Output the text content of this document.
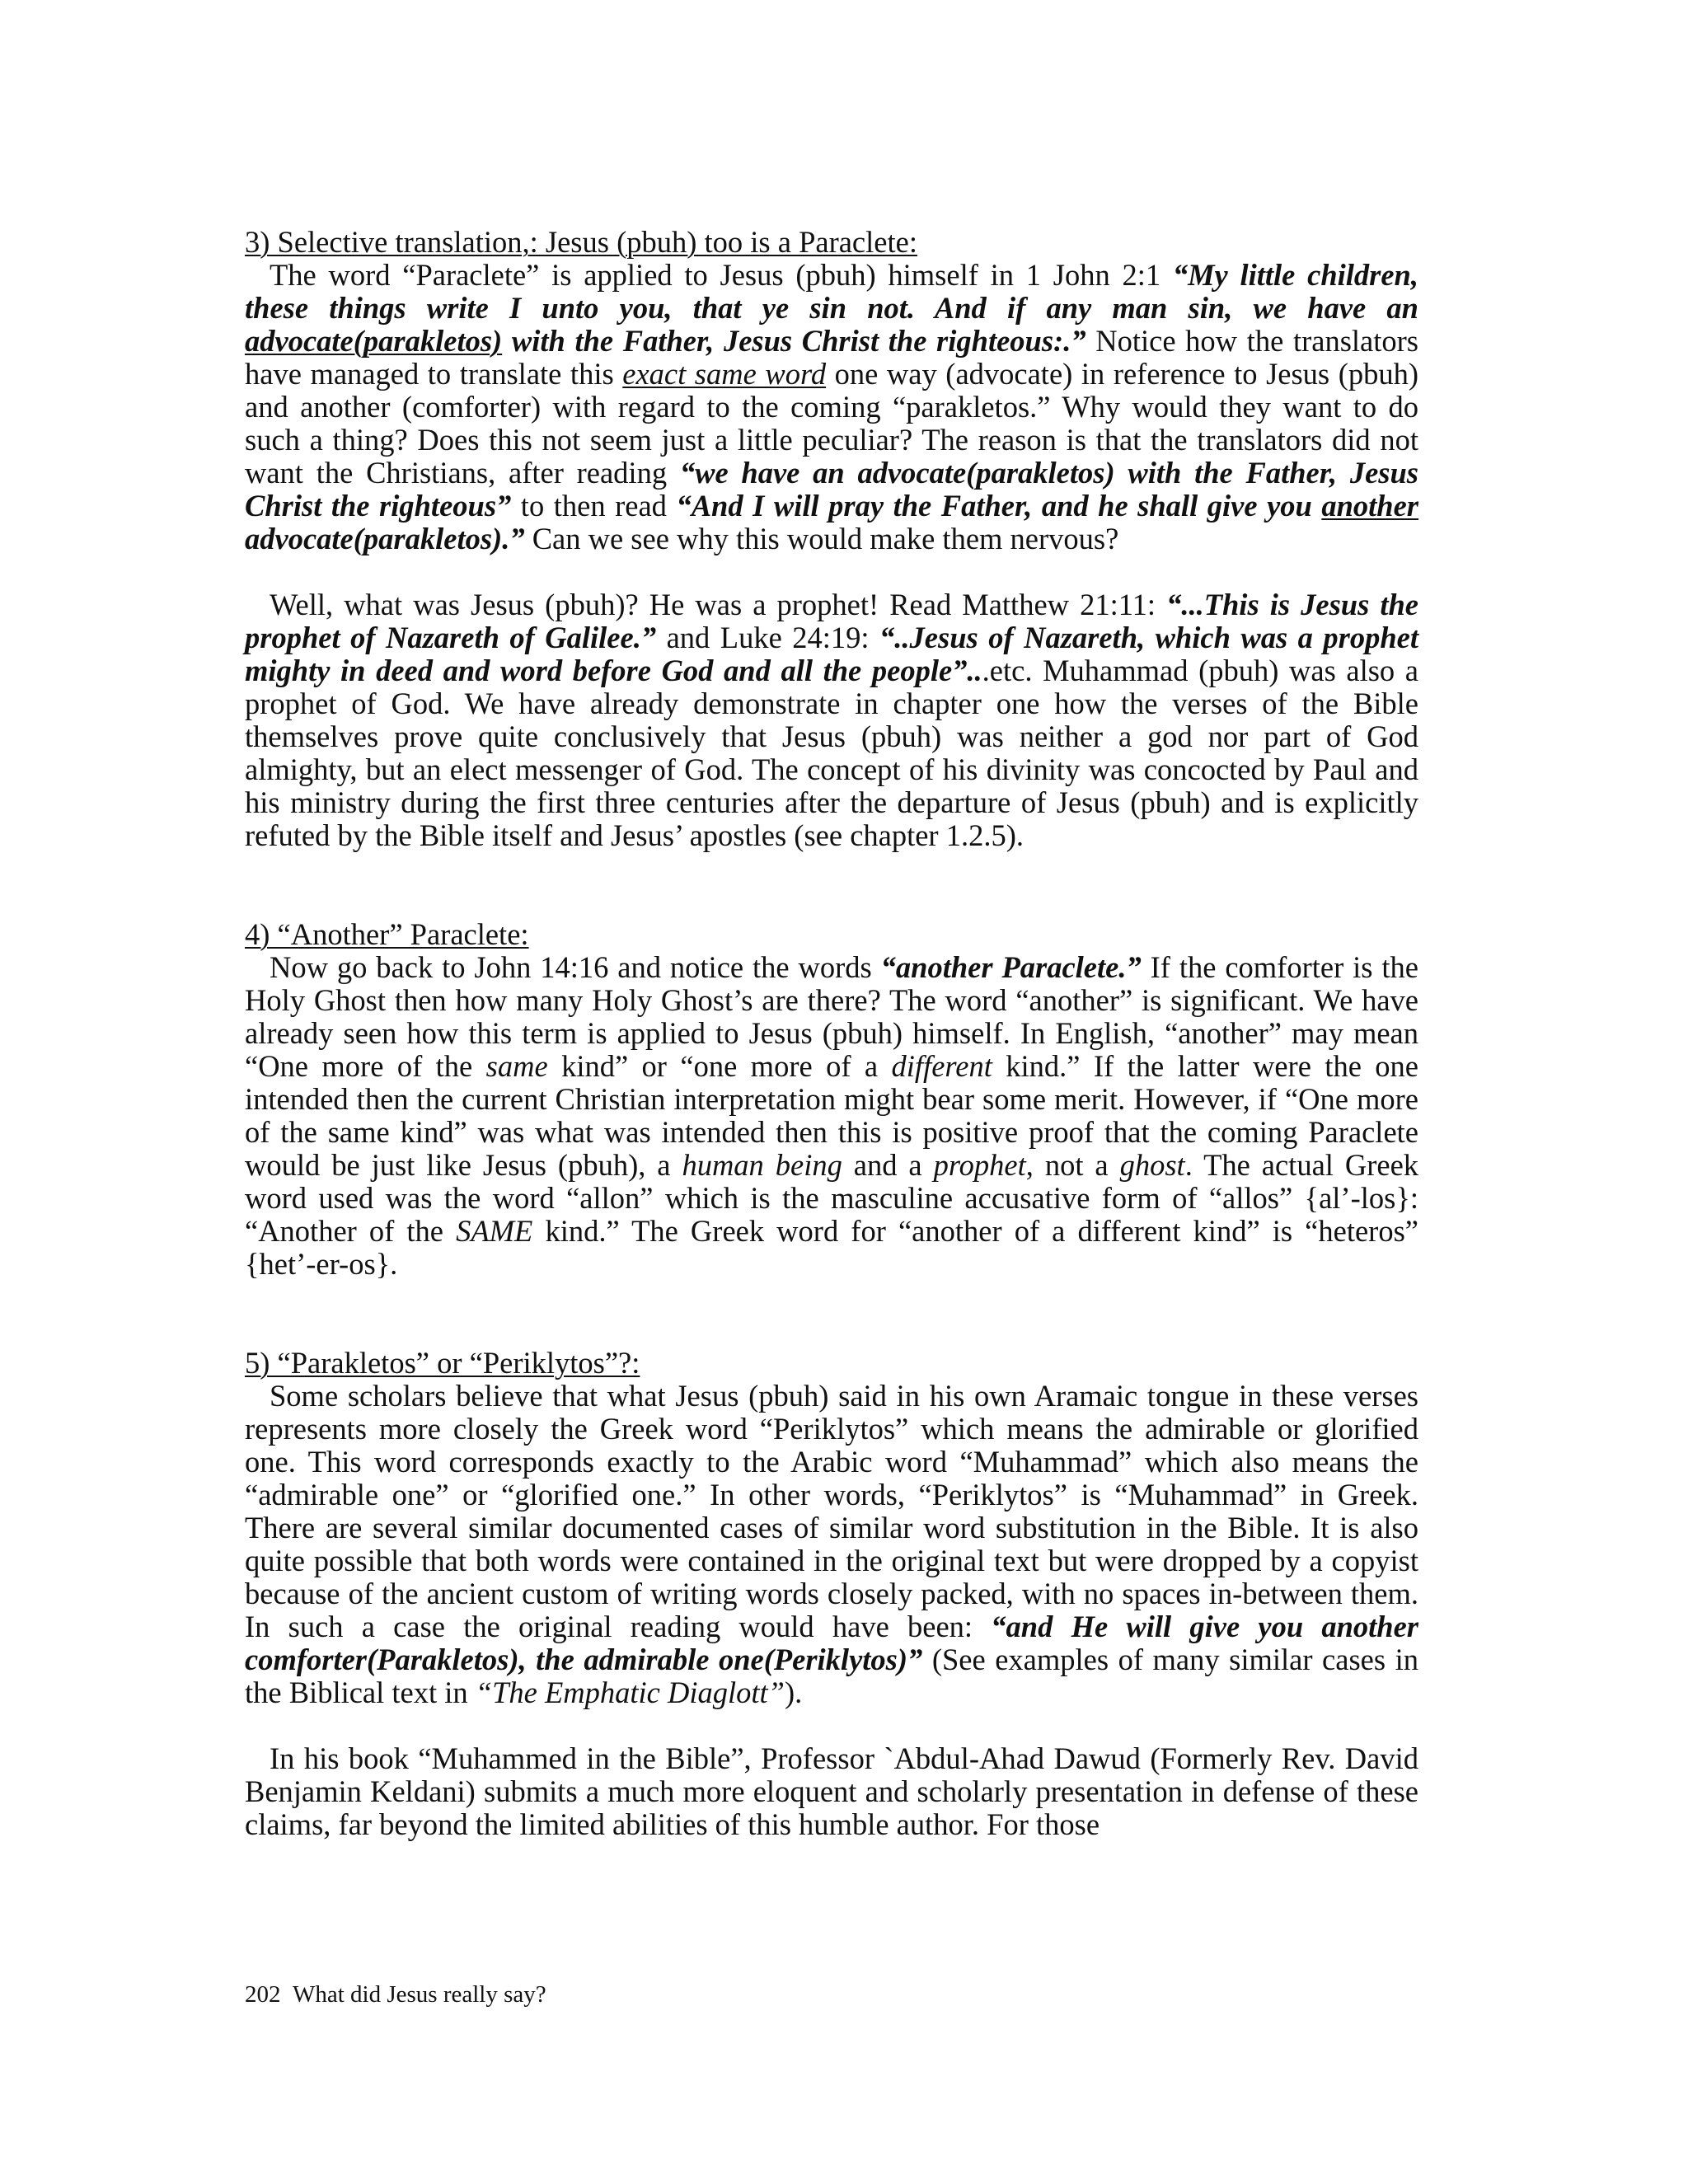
3) Selective translation,: Jesus (pbuh) too is a Paraclete:

The word “Paraclete” is applied to Jesus (pbuh) himself in 1 John 2:1 “My little children, these things write I unto you, that ye sin not. And if any man sin, we have an advocate(parakletos) with the Father, Jesus Christ the righteous:.” Notice how the translators have managed to translate this exact same word one way (advocate) in reference to Jesus (pbuh) and another (comforter) with regard to the coming “parakletos.” Why would they want to do such a thing? Does this not seem just a little peculiar? The reason is that the translators did not want the Christians, after reading “we have an advocate(parakletos) with the Father, Jesus Christ the righteous” to then read “And I will pray the Father, and he shall give you another advocate(parakletos).” Can we see why this would make them nervous?

Well, what was Jesus (pbuh)? He was a prophet! Read Matthew 21:11: “...This is Jesus the prophet of Nazareth of Galilee.” and Luke 24:19: “..Jesus of Nazareth, which was a prophet mighty in deed and word before God and all the people”...etc. Muhammad (pbuh) was also a prophet of God. We have already demonstrate in chapter one how the verses of the Bible themselves prove quite conclusively that Jesus (pbuh) was neither a god nor part of God almighty, but an elect messenger of God. The concept of his divinity was concocted by Paul and his ministry during the first three centuries after the departure of Jesus (pbuh) and is explicitly refuted by the Bible itself and Jesus’ apostles (see chapter 1.2.5).

4) “Another” Paraclete:

Now go back to John 14:16 and notice the words “another Paraclete.” If the comforter is the Holy Ghost then how many Holy Ghost’s are there? The word “another” is significant. We have already seen how this term is applied to Jesus (pbuh) himself. In English, “another” may mean “One more of the same kind” or “one more of a different kind.” If the latter were the one intended then the current Christian interpretation might bear some merit. However, if “One more of the same kind” was what was intended then this is positive proof that the coming Paraclete would be just like Jesus (pbuh), a human being and a prophet, not a ghost. The actual Greek word used was the word “allon” which is the masculine accusative form of “allos” {al’-los}: “Another of the SAME kind.” The Greek word for “another of a different kind” is “heteros” {het’-er-os}.

5) “Parakletos” or “Periklytos”?:

Some scholars believe that what Jesus (pbuh) said in his own Aramaic tongue in these verses represents more closely the Greek word “Periklytos” which means the admirable or glorified one. This word corresponds exactly to the Arabic word “Muhammad” which also means the “admirable one” or “glorified one.” In other words, “Periklytos” is “Muhammad” in Greek. There are several similar documented cases of similar word substitution in the Bible. It is also quite possible that both words were contained in the original text but were dropped by a copyist because of the ancient custom of writing words closely packed, with no spaces in-between them. In such a case the original reading would have been: “and He will give you another comforter(Parakletos), the admirable one(Periklytos)” (See examples of many similar cases in the Biblical text in “The Emphatic Diaglott”).

In his book “Muhammed in the Bible”, Professor `Abdul-Ahad Dawud (Formerly Rev. David Benjamin Keldani) submits a much more eloquent and scholarly presentation in defense of these claims, far beyond the limited abilities of this humble author. For those

202 What did Jesus really say?
